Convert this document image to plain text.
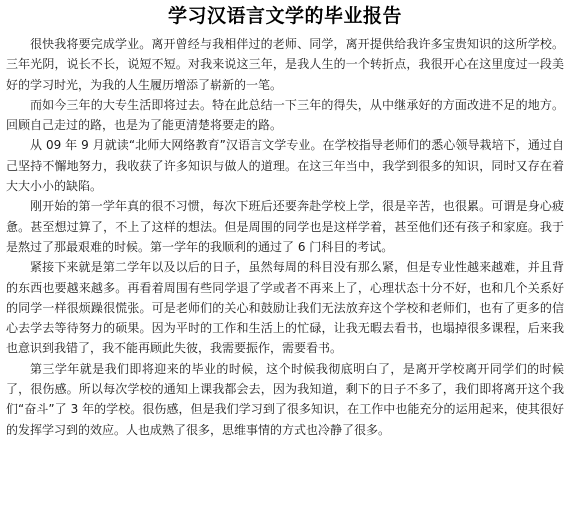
学习汉语言文学的毕业报告

很快我将要完成学业。离开曾经与我相伴过的老师、同学，离开提供给我许多宝贵知识的这所学校。三年光阴，说长不长，说短不短。对我来说这三年，是我人生的一个转折点，我很开心在这里度过一段美好的学习时光，为我的人生履历增添了崭新的一笔。

而如今三年的大专生活即将过去。特在此总结一下三年的得失，从中继承好的方面改进不足的地方。回顾自己走过的路，也是为了能更清楚将要走的路。

从 09 年 9 月就读“北师大网络教育”汉语言文学专业。在学校指导老师们的悉心领导栽培下，通过自己坚持不懈地努力，我收获了许多知识与做人的道理。在这三年当中，我学到很多的知识，同时又存在着大大小小的缺陷。

刚开始的第一学年真的很不习惯，每次下班后还要奔赴学校上学，很是辛苦，也很累。可谓是身心疲惫。甚至想过算了，不上了这样的想法。但是周围的同学也是这样学着，甚至他们还有孩子和家庭。我于是熬过了那最艰难的时候。第一学年的我顺利的通过了 6 门科目的考试。

紧接下来就是第二学年以及以后的日子，虽然每周的科目没有那么紧，但是专业性越来越难，并且背的东西也要越来越多。再看着周围有些同学退了学或者不再来上了，心理状态十分不好，也和几个关系好的同学一样很烦躁很慌张。可是老师们的关心和鼓励让我们无法放弃这个学校和老师们，也有了更多的信心去学去等待努力的硕果。因为平时的工作和生活上的忙碌，让我无暇去看书，也塌掉很多课程，后来我也意识到我错了，我不能再顾此失彼，我需要振作，需要看书。

第三学年就是我们即将迎来的毕业的时候，这个时候我彻底明白了，是离开学校离开同学们的时候了，很伤感。所以每次学校的通知上课我都会去，因为我知道，剩下的日子不多了，我们即将离开这个我们“奋斗”了 3 年的学校。很伤感，但是我们学习到了很多知识，在工作中也能充分的运用起来，使其很好的发挥学习到的效应。人也成熟了很多，思维事情的方式也冷静了很多。
